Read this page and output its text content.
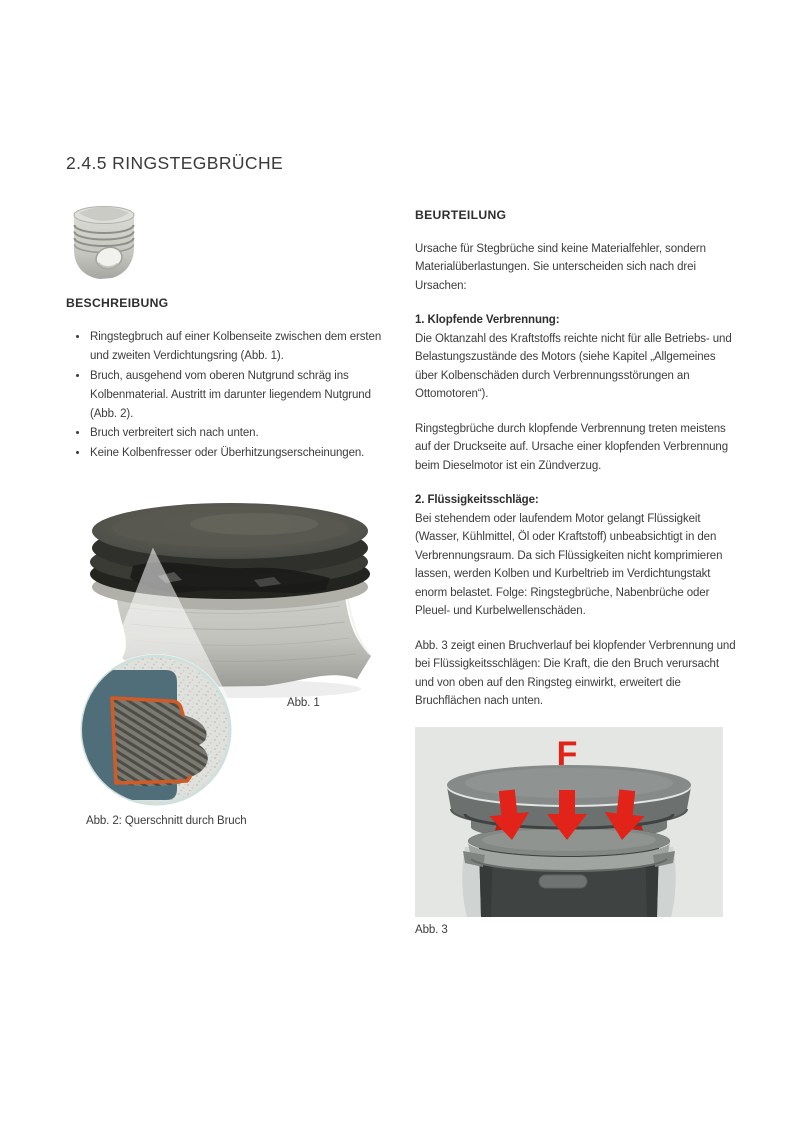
2.4.5 RINGSTEGBRÜCHE
BESCHREIBUNG
• Ringstegbruch auf einer Kolbenseite zwischen dem ersten und zweiten Verdichtungsring (Abb. 1).
• Bruch, ausgehend vom oberen Nutgrund schräg ins Kolbenmaterial. Austritt im darunter liegendem Nutgrund (Abb. 2).
• Bruch verbreitert sich nach unten.
• Keine Kolbenfresser oder Überhitzungserscheinungen.
Abb. 1
Abb. 2: Querschnitt durch Bruch
BEURTEILUNG

Ursache für Stegbrüche sind keine Materialfehler, sondern Materialüberlastungen. Sie unterscheiden sich nach drei Ursachen:

1. Klopfende Verbrennung:
Die Oktanzahl des Kraftstoffs reichte nicht für alle Betriebs- und Belastungszustände des Motors (siehe Kapitel „Allgemeines über Kolbenschäden durch Verbrennungsstörungen an Ottomotoren“).

Ringstegbrüche durch klopfende Verbrennung treten meistens auf der Druckseite auf. Ursache einer klopfenden Verbrennung beim Dieselmotor ist ein Zündverzug.

2. Flüssigkeitsschläge:
Bei stehendem oder laufendem Motor gelangt Flüssigkeit (Wasser, Kühlmittel, Öl oder Kraftstoff) unbeabsichtigt in den Verbrennungsraum. Da sich Flüssigkeiten nicht komprimieren lassen, werden Kolben und Kurbeltrieb im Verdichtungstakt enorm belastet. Folge: Ringstegbrüche, Nabenbrüche oder Pleuel- und Kurbelwellenschäden.

Abb. 3 zeigt einen Bruchverlauf bei klopfender Verbrennung und bei Flüssigkeitsschlägen: Die Kraft, die den Bruch verursacht und von oben auf den Ringsteg einwirkt, erweitert die Bruchflächen nach unten.

F
Abb. 3
